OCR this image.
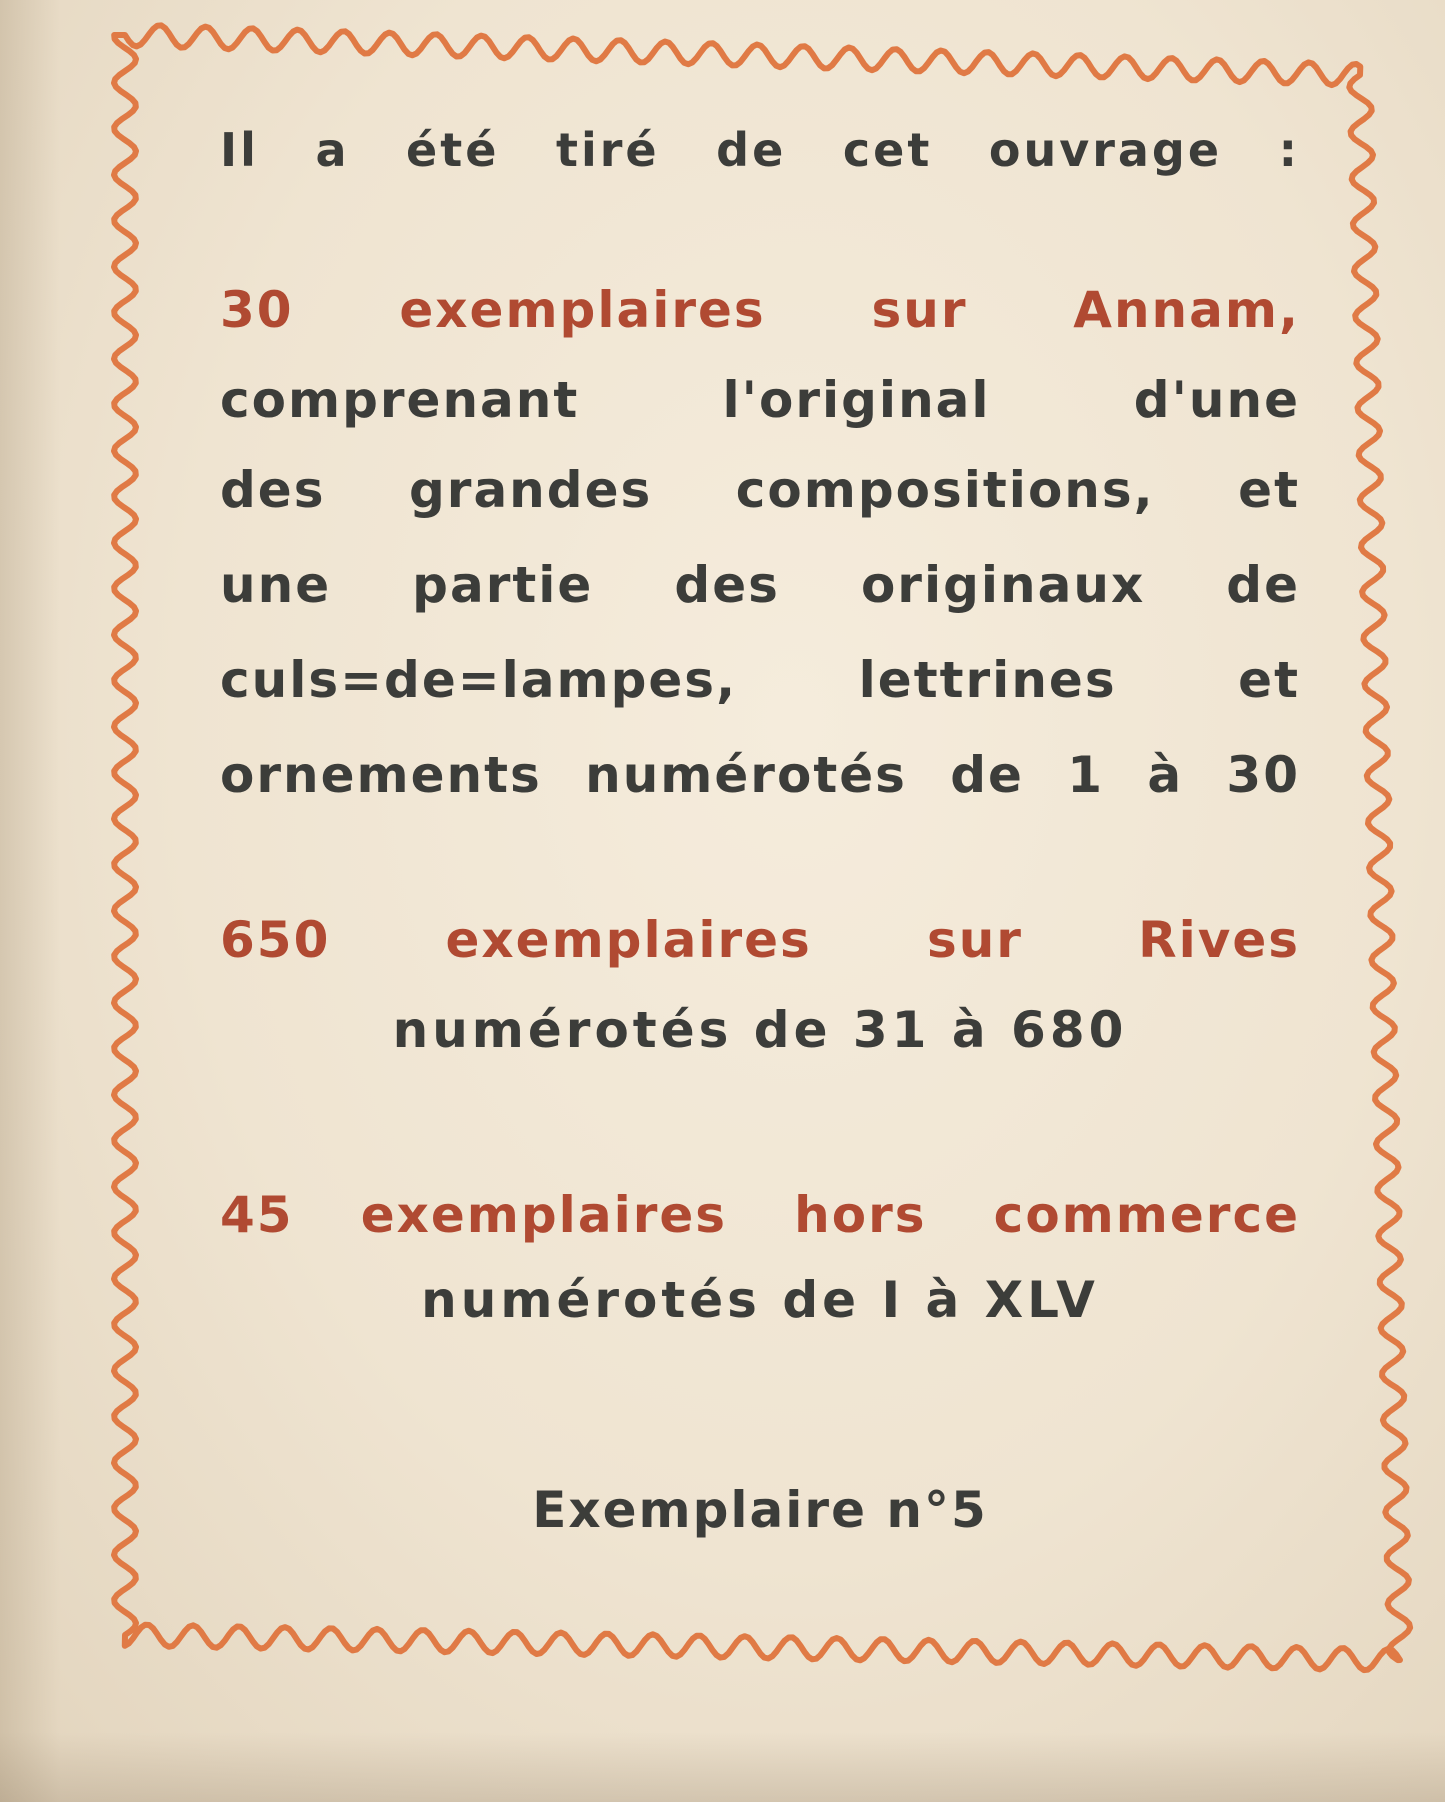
Il a été tiré de cet ouvrage :
30 exemplaires sur Annam,
comprenant l'original d'une
des grandes compositions, et
une partie des originaux de
culs=de=lampes, lettrines et
ornements numérotés de 1 à 30
650 exemplaires sur Rives
numérotés de 31 à 680
45 exemplaires hors commerce
numérotés de I à XLV
Exemplaire n°5
